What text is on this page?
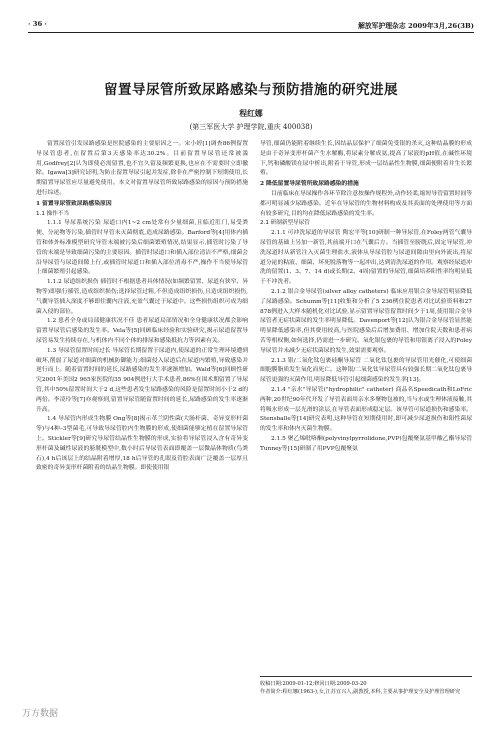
· 36 ·	解放军护理杂志 2009年3月,26(3B)
留置导尿管所致尿路感染与预防措施的研究进展
程红娜
(第三军医大学 护理学院,重庆 400038)

留置尿管引发尿路感染是医院感染的主要原因之一。宋小婷[1]调查86例留置导尿管患者,在留置后第3天感染率达30.2%。目前留置导尿管还常被滥用,Godfrey[2]认为即使必需留置,也不宜久留及频繁更换,也应在不需要时立即撤除。Igawa[3]研究证明,为防止留置导尿引起并发症,除非在严密控制下短期使用,长期留置导尿管应尽量避免使用。本文对留置导尿管所致尿路感染的原因与预防措施进行综述。

1 留置导尿管致尿路感染原因

1.1 操作不当

1.1.1 导尿系统污染 尿道口内1~2 cm处常有少量细菌,且临近肛门,易受粪便、分泌物等污染,插管时导管未灭菌彻底,造成尿路感染。Barford等[4]用体内插管和体外标准模型研究导管末端被污染后细菌繁殖情况,结果显示,插管时污染了导管的末端是导致细菌污染的主要原因。插管时尿道口和插入部位清洁不严格,细菌会沿导尿管与尿道间隙上行,或插管时尿道口和插入部位消毒不严,操作不当使导尿管上细菌繁殖引起感染。

1.1.2 尿道组织损伤 插管时不根据患者具体情况(如频繁留置、尿道有狭窄、异物等)即强行插管,造成组织损伤;选择尿管过粗,不但造成组织损伤,且造成组织损伤,气囊导管插入深度不够即往囊内注液,充盈气囊过于尿道中。这些损伤组织可成为细菌入侵的部位。

1.2 患者全身或局部健康状况不佳 患者尿道局部情况和全身健康状况都会影响留置导尿管后感染的发生率。Vela等[5]回顾临床经验和实验研究,揭示尿道留置导尿管易发生持续存在,与机体内不同个体的排尿和感染抵抗力等因素有关。

1.3 导尿管留置时间过长 导尿管长期留置于尿道内,使尿道的正常生理环境遭到破坏,削弱了尿道对细菌的机械防御能力;细菌侵入尿道后在尿道内繁殖,导致感染并逆行而上。随着留置时间的延长,尿路感染的发生率逐渐增加。Wald等[6]回顾性研究2001年美国2 965家医院的35 904例进行大手术患者,86%在围术期留置了导尿管,其中50%留置时间大于2 d,这些患者发生尿路感染的风险是留置时间小于2 d的两倍。李凌玲等[7]亦观察到,留置导尿管随留置时间的延长,尿路感染的发生率逐渐升高。

1.4 导尿管内形成生物膜 Ong等[8]揭示革兰阴性菌(大肠杆菌、奇异变形杆菌等)与4种–3型菌毛,可导致导尿管腔内生物膜的形成,使细菌能够定植在留置导尿管上。Stickler等[9]研究导尿管结晶性生物膜的形成,实验将导尿管浸入含有奇异变形杆菌及碱性尿液的膀胱模型中,数小时后导尿管表面即覆盖一层微晶体物质(鸟粪石),4 h后该层上的结晶附着增厚,18 h后导管的孔眼及管腔表面广泛覆盖一层厚且致密的奇异变形杆菌附着的结晶生物膜。即使使用银

导管,细菌仍能附着继续生长,因结晶层保护了细菌免受银的杀灭,这种结晶膜的形成是由于奇异变形杆菌产生水解酶,将尿素分解成氨,提高了尿液的pH值,在碱性环境下,钙和磷酸镁在尿中析出,附着于导管,形成一层结晶性生物膜,细菌便附着并生长繁殖。

2 降低留置导尿管所致尿路感染的措施

目前临床在导尿操作各环节除注意按操作规程外,动作轻柔,缩短导管留置时间等都可明显减少尿路感染。近年在导尿管的生物材料构成及其表面的处理使用等方面有较多研究,目的均在降低尿路感染的发生率。

2.1 研制新型导尿管

2.1.1 可冲洗尿道的导尿管 陶宏平等[10]研制一种导尿管,在Foley两管气囊导尿管的基础上另加一新管,其前端开口在气囊后方。当插管至膀胱后,固定导尿管,冲洗尿道时从新管注入灭菌生理盐水,液体从导尿管腔与尿道间隙由里向外流出,将尿道分泌的粘液、细菌、坏死脱落物等一起冲出,达到清洗尿道的作用。观察经尿道冲洗的留置(1、3、7、14 d)或长期(2、4周)留置的导尿管,细菌培养阳性率均明显低于不冲洗者。

2.1.2 银合金导尿管(silver alloy catheters) 临床应用银合金导尿管明显降低了尿路感染。Schumm等[11]收集和分析了5 236例住院患者对比试验资料和27 878例进入大样本随机化对比试验,显示留置导尿管留置时间少于1周,使用银合金导尿管者无症状菌尿的发生率明显降低。Davenport等[12]认为银合金导尿管显然能明显降低感染率,但其费用较高,与医院感染后后增加费用、增加住院天数和患者病苦等相权衡,如何选择,仍需进一步研究。氧化银包裹的导管和用银离子浸入的Foley导尿管并未减少无症状菌尿的发生,效果需要观察。

2.1.3 银/二氧化钛包裹硅酮导尿管 二氧化钛包裹的导尿管用光催化,可使细菌细胞膜脂质发生氧化而死亡。这种银/二氧化钛导尿管具有较强长期二氧化钛包裹导尿管更强的灭菌作用,明显降低导管引起细菌感染的发生率[13]。

2.1.4 "亲水"导尿管("hydrophilic" catheter) 商品名Speedicath和LoFric两种,20世纪90年代开发了导管表面用亲水多聚物包被的,当与水或生理体液接触,其将吸水形成一层光滑的涂层,在导管表面形成稳定层。该导管可尿道损伤和感染率。Stensballe等[14]研究表明,这种导管在短期使用时,即可减少尿道损伤和阳性菌尿的发生率和体内灭菌生物膜。

2.1.5 聚乙烯吡咯酮(polyvinylpyrrolidone,PVP)包覆聚氨基甲酸乙酯导尿管 Tunney等[15]研制了用PVP包覆聚氨

收稿日期:2009-01-12;修回日期:2009-03-20
作者简介:程红娜(1963-),女,江苏宜兴人,副教授,本科,主要从事护理安全及护理管理研究
万方数据
